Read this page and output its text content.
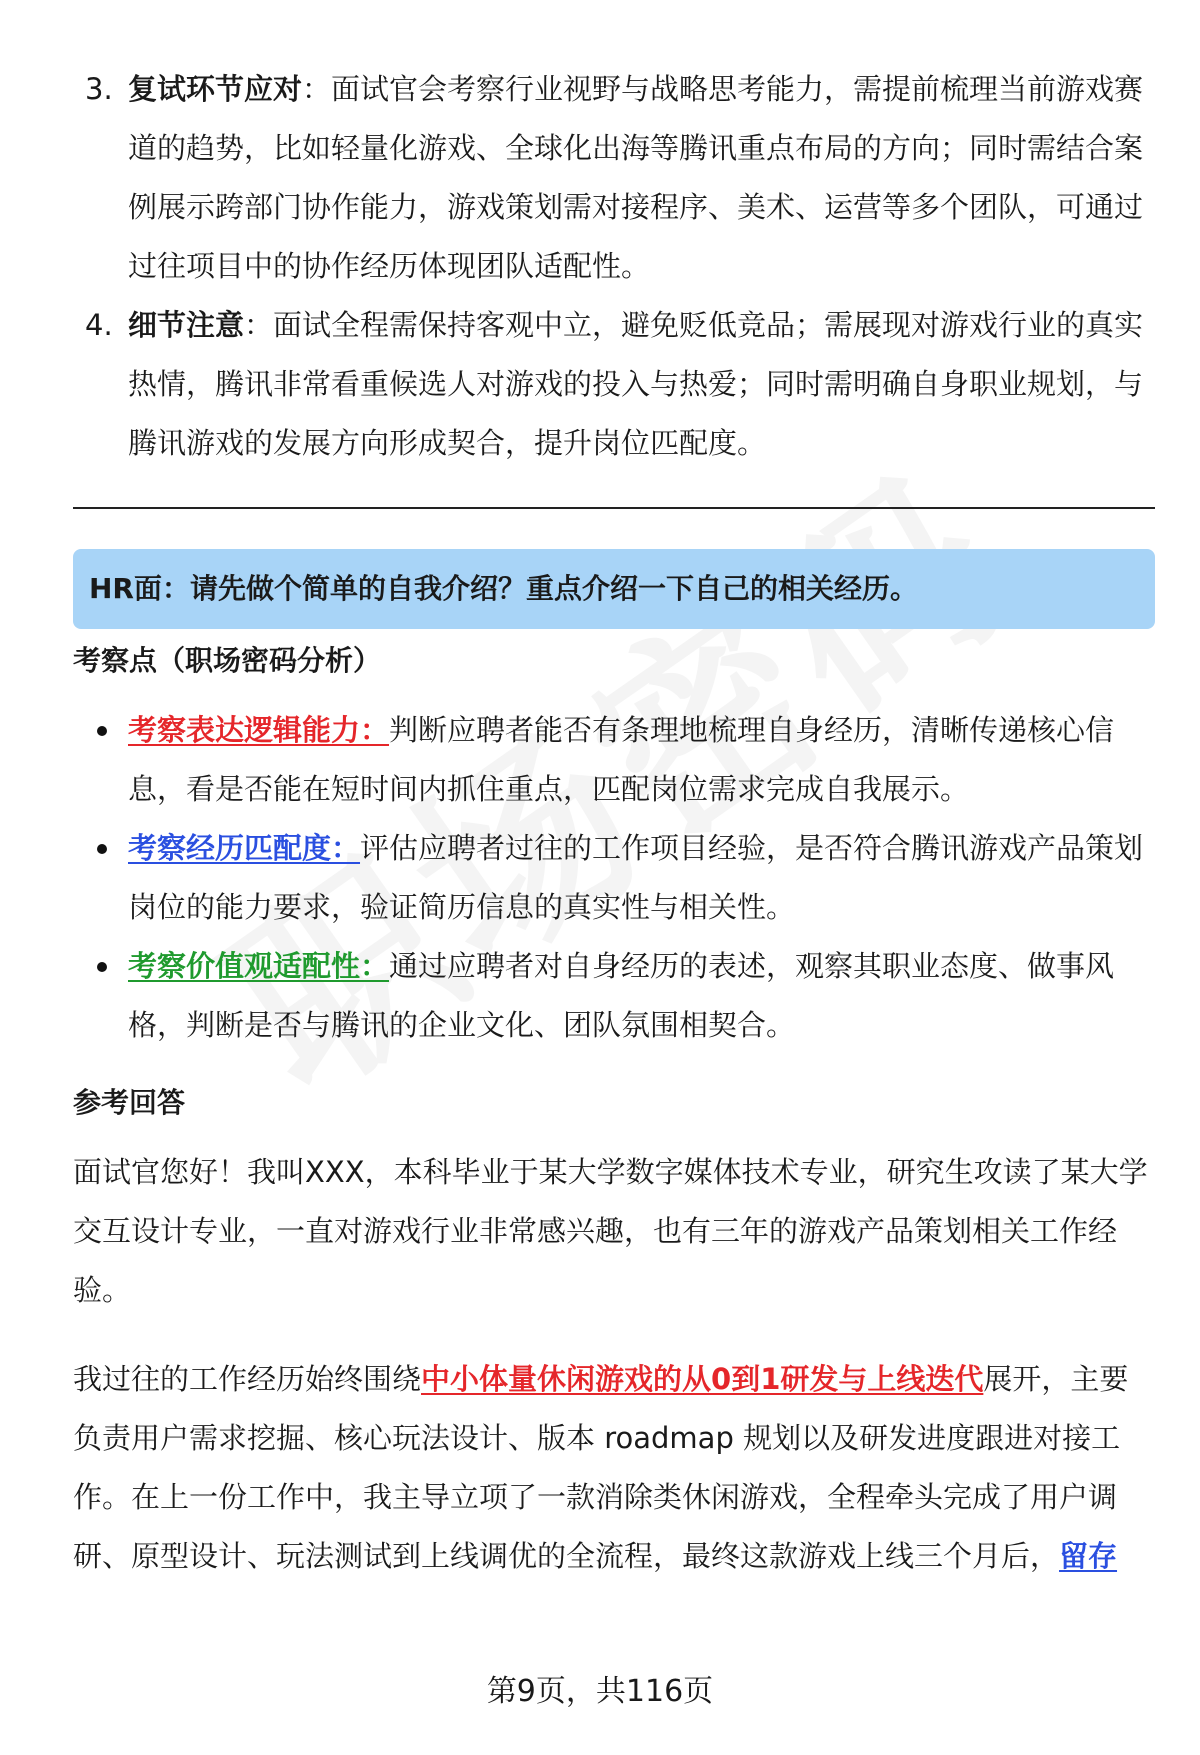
3. 复试环节应对：面试官会考察行业视野与战略思考能力，需提前梳理当前游戏赛道的趋势，比如轻量化游戏、全球化出海等腾讯重点布局的方向；同时需结合案例展示跨部门协作能力，游戏策划需对接程序、美术、运营等多个团队，可通过过往项目中的协作经历体现团队适配性。
4. 细节注意：面试全程需保持客观中立，避免贬低竞品；需展现对游戏行业的真实热情，腾讯非常看重候选人对游戏的投入与热爱；同时需明确自身职业规划，与腾讯游戏的发展方向形成契合，提升岗位匹配度。
HR面：请先做个简单的自我介绍？重点介绍一下自己的相关经历。
考察点（职场密码分析）
考察表达逻辑能力：判断应聘者能否有条理地梳理自身经历，清晰传递核心信息，看是否能在短时间内抓住重点，匹配岗位需求完成自我展示。
考察经历匹配度：评估应聘者过往的工作项目经验，是否符合腾讯游戏产品策划岗位的能力要求，验证简历信息的真实性与相关性。
考察价值观适配性：通过应聘者对自身经历的表述，观察其职业态度、做事风格，判断是否与腾讯的企业文化、团队氛围相契合。
参考回答

面试官您好！我叫XXX，本科毕业于某大学数字媒体技术专业，研究生攻读了某大学交互设计专业，一直对游戏行业非常感兴趣，也有三年的游戏产品策划相关工作经验。

我过往的工作经历始终围绕中小体量休闲游戏的从0到1研发与上线迭代展开，主要负责用户需求挖掘、核心玩法设计、版本 roadmap 规划以及研发进度跟进对接工作。在上一份工作中，我主导立项了一款消除类休闲游戏，全程牵头完成了用户调研、原型设计、玩法测试到上线调优的全流程，最终这款游戏上线三个月后，留存

第9页，共116页
